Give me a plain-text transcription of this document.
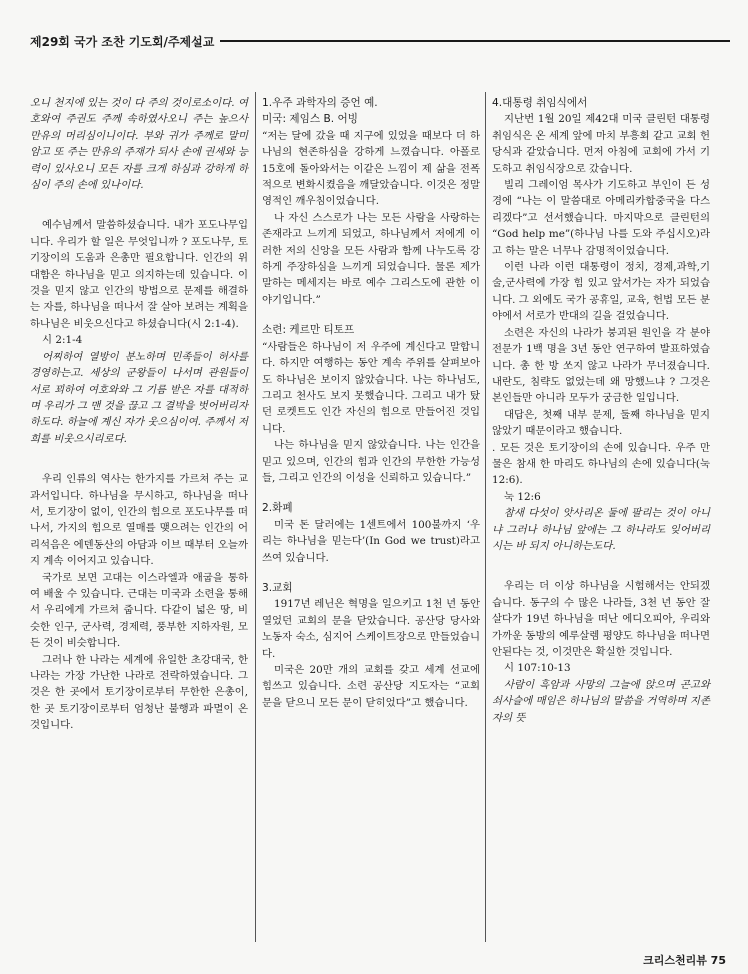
제29회 국가 조찬 기도회/주제설교

오니 천지에 있는 것이 다 주의 것이로소이다. 여호와여 주권도 주께 속하였사오니 주는 높으사 만유의 머리심이니이다. 부와 귀가 주께로 말미암고 또 주는 만유의 주재가 되사 손에 권세와 능력이 있사오니 모든 자를 크게 하심과 강하게 하심이 주의 손에 있나이다.

예수님께서 말씀하셨습니다. 내가 포도나무입니다. 우리가 할 일은 무엇입니까 ? 포도나무, 토기장이의 도움과 은총만 필요합니다. 인간의 위대함은 하나님을 믿고 의지하는데 있습니다. 이것을 믿지 않고 인간의 방법으로 문제를 해결하는 자를, 하나님을 떠나서 잘 살아 보려는 계획을 하나님은 비웃으신다고 하셨습니다(시 2:1-4).

시 2:1-4

어찌하여 열방이 분노하며 민족들이 허사를 경영하는고. 세상의 군왕들이 나서며 관원들이 서로 꾀하여 여호와와 그 기름 받은 자를 대적하며 우리가 그 맨 것을 끊고 그 결박을 벗어버리자 하도다. 하늘에 계신 자가 웃으심이여. 주께서 저희를 비웃으시리로다.

우리 인류의 역사는 한가지를 가르쳐 주는 교과서입니다. 하나님을 무시하고, 하나님을 떠나서, 토기장이 없이, 인간의 힘으로 포도나무를 떠나서, 가지의 힘으로 열매를 맺으려는 인간의 어리석음은 에덴동산의 아담과 이브 때부터 오늘까지 계속 이어지고 있습니다.

국가로 보면 고대는 이스라엘과 애굽을 통하여 배울 수 있습니다. 근대는 미국과 소련을 통해서 우리에게 가르쳐 줍니다. 다같이 넓은 땅, 비슷한 인구, 군사력, 경제력, 풍부한 지하자원, 모든 것이 비슷합니다.

그러나 한 나라는 세계에 유일한 초강대국, 한 나라는 가장 가난한 나라로 전락하였습니다. 그것은 한 곳에서 토기장이로부터 무한한 은총이, 한 곳 토기장이로부터 엄청난 불행과 파멸이 온 것입니다.

1.우주 과학자의 증언 예.

미국: 제임스 B. 어빙

“저는 달에 갔을 때 지구에 있었을 때보다 더 하나님의 현존하심을 강하게 느꼈습니다. 아폴로 15호에 돌아와서는 이같은 느낌이 제 삶을 전폭적으로 변화시켰음을 깨달았습니다. 이것은 정말 영적인 깨우침이었습니다.

나 자신 스스로가 나는 모든 사람을 사랑하는 존재라고 느끼게 되었고, 하나님께서 저에게 이러한 저의 신앙을 모든 사람과 함께 나누도록 강하게 주장하심을 느끼게 되었습니다. 물론 제가 말하는 메세지는 바로 예수 그리스도에 관한 이야기입니다.”

소련: 케르만 티토프

“사람들은 하나님이 저 우주에 계신다고 말합니다. 하지만 여행하는 동안 계속 주위를 살펴보아도 하나님은 보이지 않았습니다. 나는 하나님도, 그리고 천사도 보지 못했습니다. 그리고 내가 탔던 로켓트도 인간 자신의 힘으로 만들어진 것입니다.

나는 하나님을 믿지 않았습니다. 나는 인간을 믿고 있으며, 인간의 힘과 인간의 무한한 가능성들, 그리고 인간의 이성을 신뢰하고 있습니다.”

2.화폐

미국 돈 달러에는 1센트에서 100불까지 ‘우리는 하나님을 믿는다’(In God we trust)라고 쓰여 있습니다.

3.교회

1917년 레닌은 혁명을 일으키고 1천 년 동안 열었던 교회의 문을 닫았습니다. 공산당 당사와 노동자 숙소, 심지어 스케이트장으로 만들었습니다.

미국은 20만 개의 교회를 갖고 세계 선교에 힘쓰고 있습니다. 소련 공산당 지도자는 “교회 문을 닫으니 모든 문이 닫히었다”고 했습니다.

4.대통령 취임식에서

지난번 1월 20일 제42대 미국 클린턴 대통령 취임식은 온 세계 앞에 마치 부흥회 같고 교회 헌당식과 같았습니다. 먼저 아침에 교회에 가서 기도하고 취임식장으로 갔습니다.

빌리 그레이엄 목사가 기도하고 부인이 든 성경에 “나는 이 말씀대로 아메리카합중국을 다스리겠다”고 선서했습니다. 마지막으로 클린턴의 “God help me”(하나님 나를 도와 주십시오)라고 하는 말은 너무나 감명적이었습니다.

이런 나라 이런 대통령이 정치, 경제,과학,기술,군사력에 가장 힘 있고 앞서가는 자가 되었습니다. 그 외에도 국가 공휴일, 교육, 헌법 모든 분야에서 서로가 반대의 길을 걸었습니다.

소련은 자신의 나라가 붕괴된 원인을 각 분야 전문가 1백 명을 3년 동안 연구하여 발표하였습니다. 총 한 방 쏘지 않고 나라가 무너졌습니다. 내란도, 침략도 없었는데 왜 망했느냐 ? 그것은 본인들만 아니라 모두가 궁금한 일입니다.

대답은, 첫째 내부 문제, 둘째 하나님을 믿지 않았기 때문이라고 했습니다.

. 모든 것은 토기장이의 손에 있습니다. 우주 만물은 참새 한 마리도 하나님의 손에 있습니다(눅 12:6).

눅 12:6

참새 다섯이 앗사리온 둘에 팔리는 것이 아니냐 그러나 하나님 앞에는 그 하나라도 잊어버리시는 바 되지 아니하는도다.

우리는 더 이상 하나님을 시험해서는 안되겠습니다. 동구의 수 많은 나라들, 3천 년 동안 잘 살다가 19년 하나님을 떠난 에디오피아, 우리와 가까운 동방의 예루살렘 평양도 하나님을 떠나면 안된다는 것, 이것만은 확실한 것입니다.

시 107:10-13

사람이 흑암과 사망의 그늘에 앉으며 곤고와 쇠사슬에 매임은 하나님의 말씀을 거역하며 지존자의 뜻

크리스천리뷰 75
